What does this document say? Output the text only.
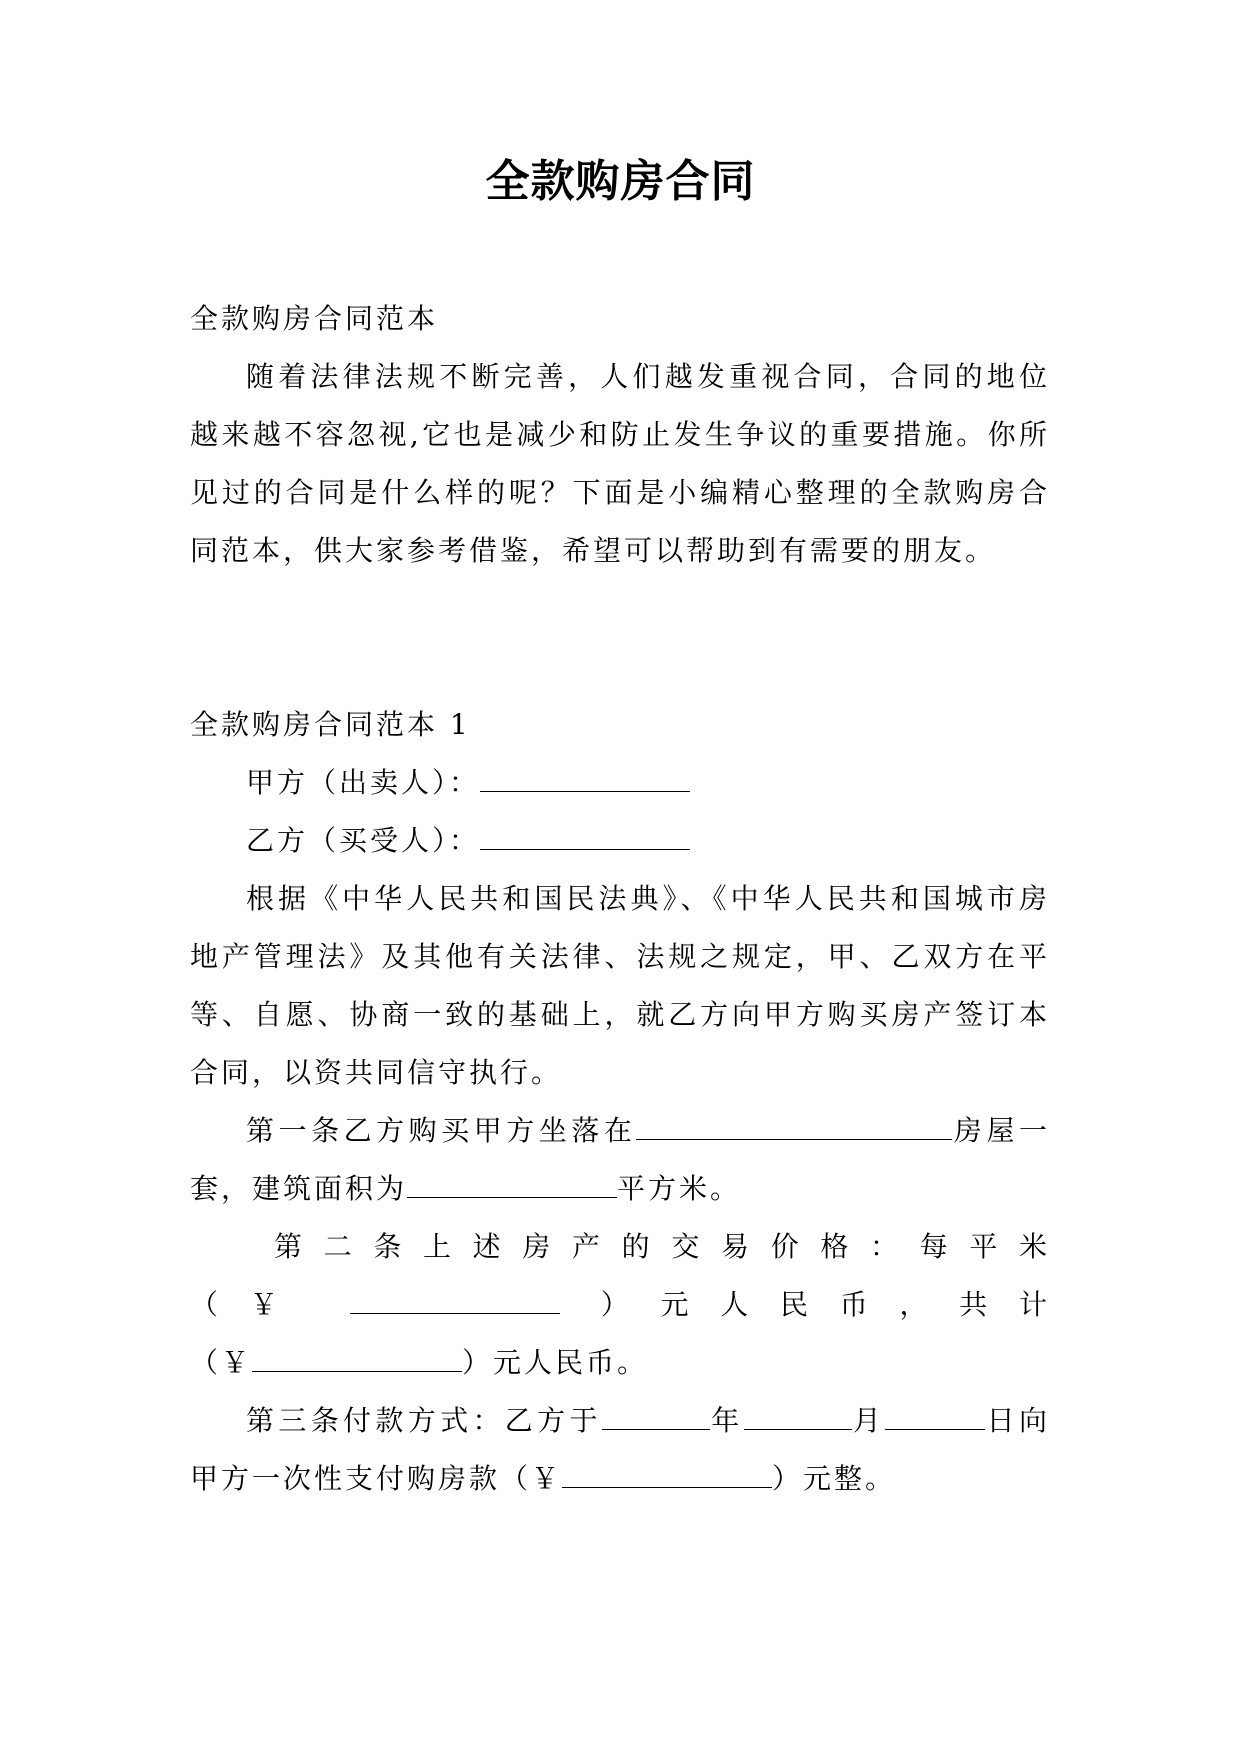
全款购房合同

全款购房合同范本

随着法律法规不断完善，人们越发重视合同，合同的地位越来越不容忽视,它也是减少和防止发生争议的重要措施。你所见过的合同是什么样的呢？下面是小编精心整理的全款购房合同范本，供大家参考借鉴，希望可以帮助到有需要的朋友。

全款购房合同范本 1

甲方（出卖人）：

乙方（买受人）：

根据《中华人民共和国民法典》、《中华人民共和国城市房地产管理法》及其他有关法律、法规之规定，甲、乙双方在平等、自愿、协商一致的基础上，就乙方向甲方购买房产签订本合同，以资共同信守执行。

第一条乙方购买甲方坐落在	房屋一套，建筑面积为	平方米。

第二条上述房产的交易价格：每平米

（￥	）元人民币，共计

（￥	）元人民币。

第三条付款方式：乙方于	年	月	日向甲方一次性支付购房款（￥	）元整。
